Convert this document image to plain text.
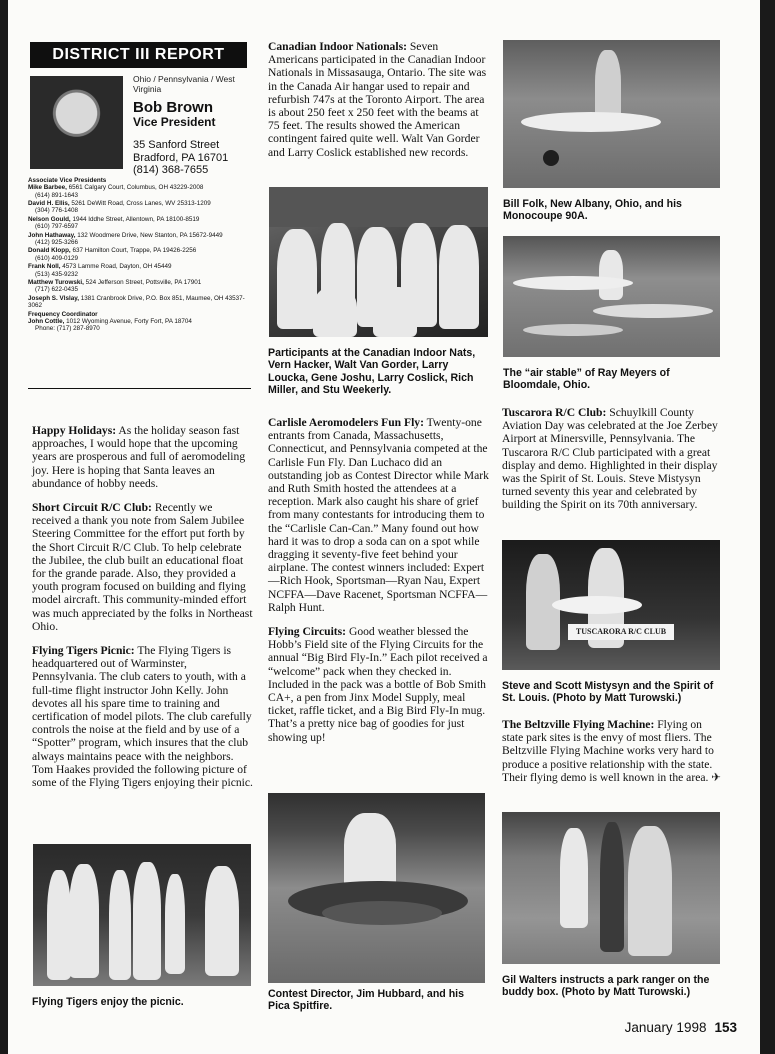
DISTRICT III REPORT
Ohio / Pennsylvania / West Virginia
Bob Brown
Vice President
35 Sanford Street
Bradford, PA 16701
(814) 368-7655
Associate Vice Presidents
Mike Barbee, 6561 Calgary Court, Columbus, OH 43229-2008
(614) 891-1643
David H. Ellis, 5261 DeWitt Road, Cross Lanes, WV 25313-1209
(304) 776-1408
Nelson Gould, 1944 Iddhe Street, Allentown, PA 18100-8519
(610) 797-6597
John Hathaway, 132 Woodmere Drive, New Stanton, PA 15672-9449
(412) 925-3266
Donald Klopp, 637 Hamilton Court, Trappe, PA 19426-2256
(610) 409-0129
Frank Noll, 4573 Lamme Road, Dayton, OH 45449
(513) 435-9232
Matthew Turowski, 524 Jefferson Street, Pottsville, PA 17901
(717) 622-0435
Joseph S. Vlslay, 1381 Cranbrook Drive, P.O. Box 851, Maumee, OH 43537-3062
Frequency Coordinator
John Cottle, 1012 Wyoming Avenue, Forty Fort, PA 18704
Phone: (717) 287-8970

Happy Holidays: As the holiday season fast approaches, I would hope that the upcoming years are prosperous and full of aeromodeling joy. Here is hoping that Santa leaves an abundance of hobby needs.

Short Circuit R/C Club: Recently we received a thank you note from Salem Jubilee Steering Committee for the effort put forth by the Short Circuit R/C Club. To help celebrate the Jubilee, the club built an educational float for the grande parade. Also, they provided a youth program focused on building and flying model aircraft. This community-minded effort was much appreciated by the folks in Northeast Ohio.

Flying Tigers Picnic: The Flying Tigers is headquartered out of Warminster, Pennsylvania. The club caters to youth, with a full-time flight instructor John Kelly. John devotes all his spare time to training and certification of model pilots. The club carefully controls the noise at the field and by use of a “Spotter” program, which insures that the club always maintains peace with the neighbors. Tom Haakes provided the following picture of some of the Flying Tigers enjoying their picnic.

Canadian Indoor Nationals: Seven Americans participated in the Canadian Indoor Nationals in Missasauga, Ontario. The site was in the Canada Air hangar used to repair and refurbish 747s at the Toronto Airport. The area is about 250 feet x 250 feet with the beams at 75 feet. The results showed the American contingent faired quite well. Walt Van Gorder and Larry Coslick established new records.

Carlisle Aeromodelers Fun Fly: Twenty-one entrants from Canada, Massachusetts, Connecticut, and Pennsylvania competed at the Carlisle Fun Fly. Dan Luchaco did an outstanding job as Contest Director while Mark and Ruth Smith hosted the attendees at a reception. Mark also caught his share of grief from many contestants for introducing them to the “Carlisle Can-Can.” Many found out how hard it was to drop a soda can on a spot while dragging it seventy-five feet behind your airplane. The contest winners included: Expert—Rich Hook, Sportsman—Ryan Nau, Expert NCFFA—Dave Racenet, Sportsman NCFFA—Ralph Hunt.

Flying Circuits: Good weather blessed the Hobb’s Field site of the Flying Circuits for the annual “Big Bird Fly-In.” Each pilot received a “welcome” pack when they checked in. Included in the pack was a bottle of Bob Smith CA+, a pen from Jinx Model Supply, meal ticket, raffle ticket, and a Big Bird Fly-In mug. That’s a pretty nice bag of goodies for just showing up!

Tuscarora R/C Club: Schuylkill County Aviation Day was celebrated at the Joe Zerbey Airport at Minersville, Pennsylvania. The Tuscarora R/C Club participated with a great display and demo. Highlighted in their display was the Spirit of St. Louis. Steve Mistysyn turned seventy this year and celebrated by building the Spirit on its 70th anniversary.

The Beltzville Flying Machine: Flying on state park sites is the envy of most fliers. The Beltzville Flying Machine works very hard to produce a positive relationship with the state. Their flying demo is well known in the area. ✈

TUSCARORA R/C CLUB
Participants at the Canadian Indoor Nats, Vern Hacker, Walt Van Gorder, Larry Loucka, Gene Joshu, Larry Coslick, Rich Miller, and Stu Weekerly.
Bill Folk, New Albany, Ohio, and his Monocoupe 90A.
The “air stable” of Ray Meyers of Bloomdale, Ohio.
Steve and Scott Mistysyn and the Spirit of St. Louis. (Photo by Matt Turowski.)
Flying Tigers enjoy the picnic.
Contest Director, Jim Hubbard, and his Pica Spitfire.
Gil Walters instructs a park ranger on the buddy box. (Photo by Matt Turowski.)
January 1998 153
